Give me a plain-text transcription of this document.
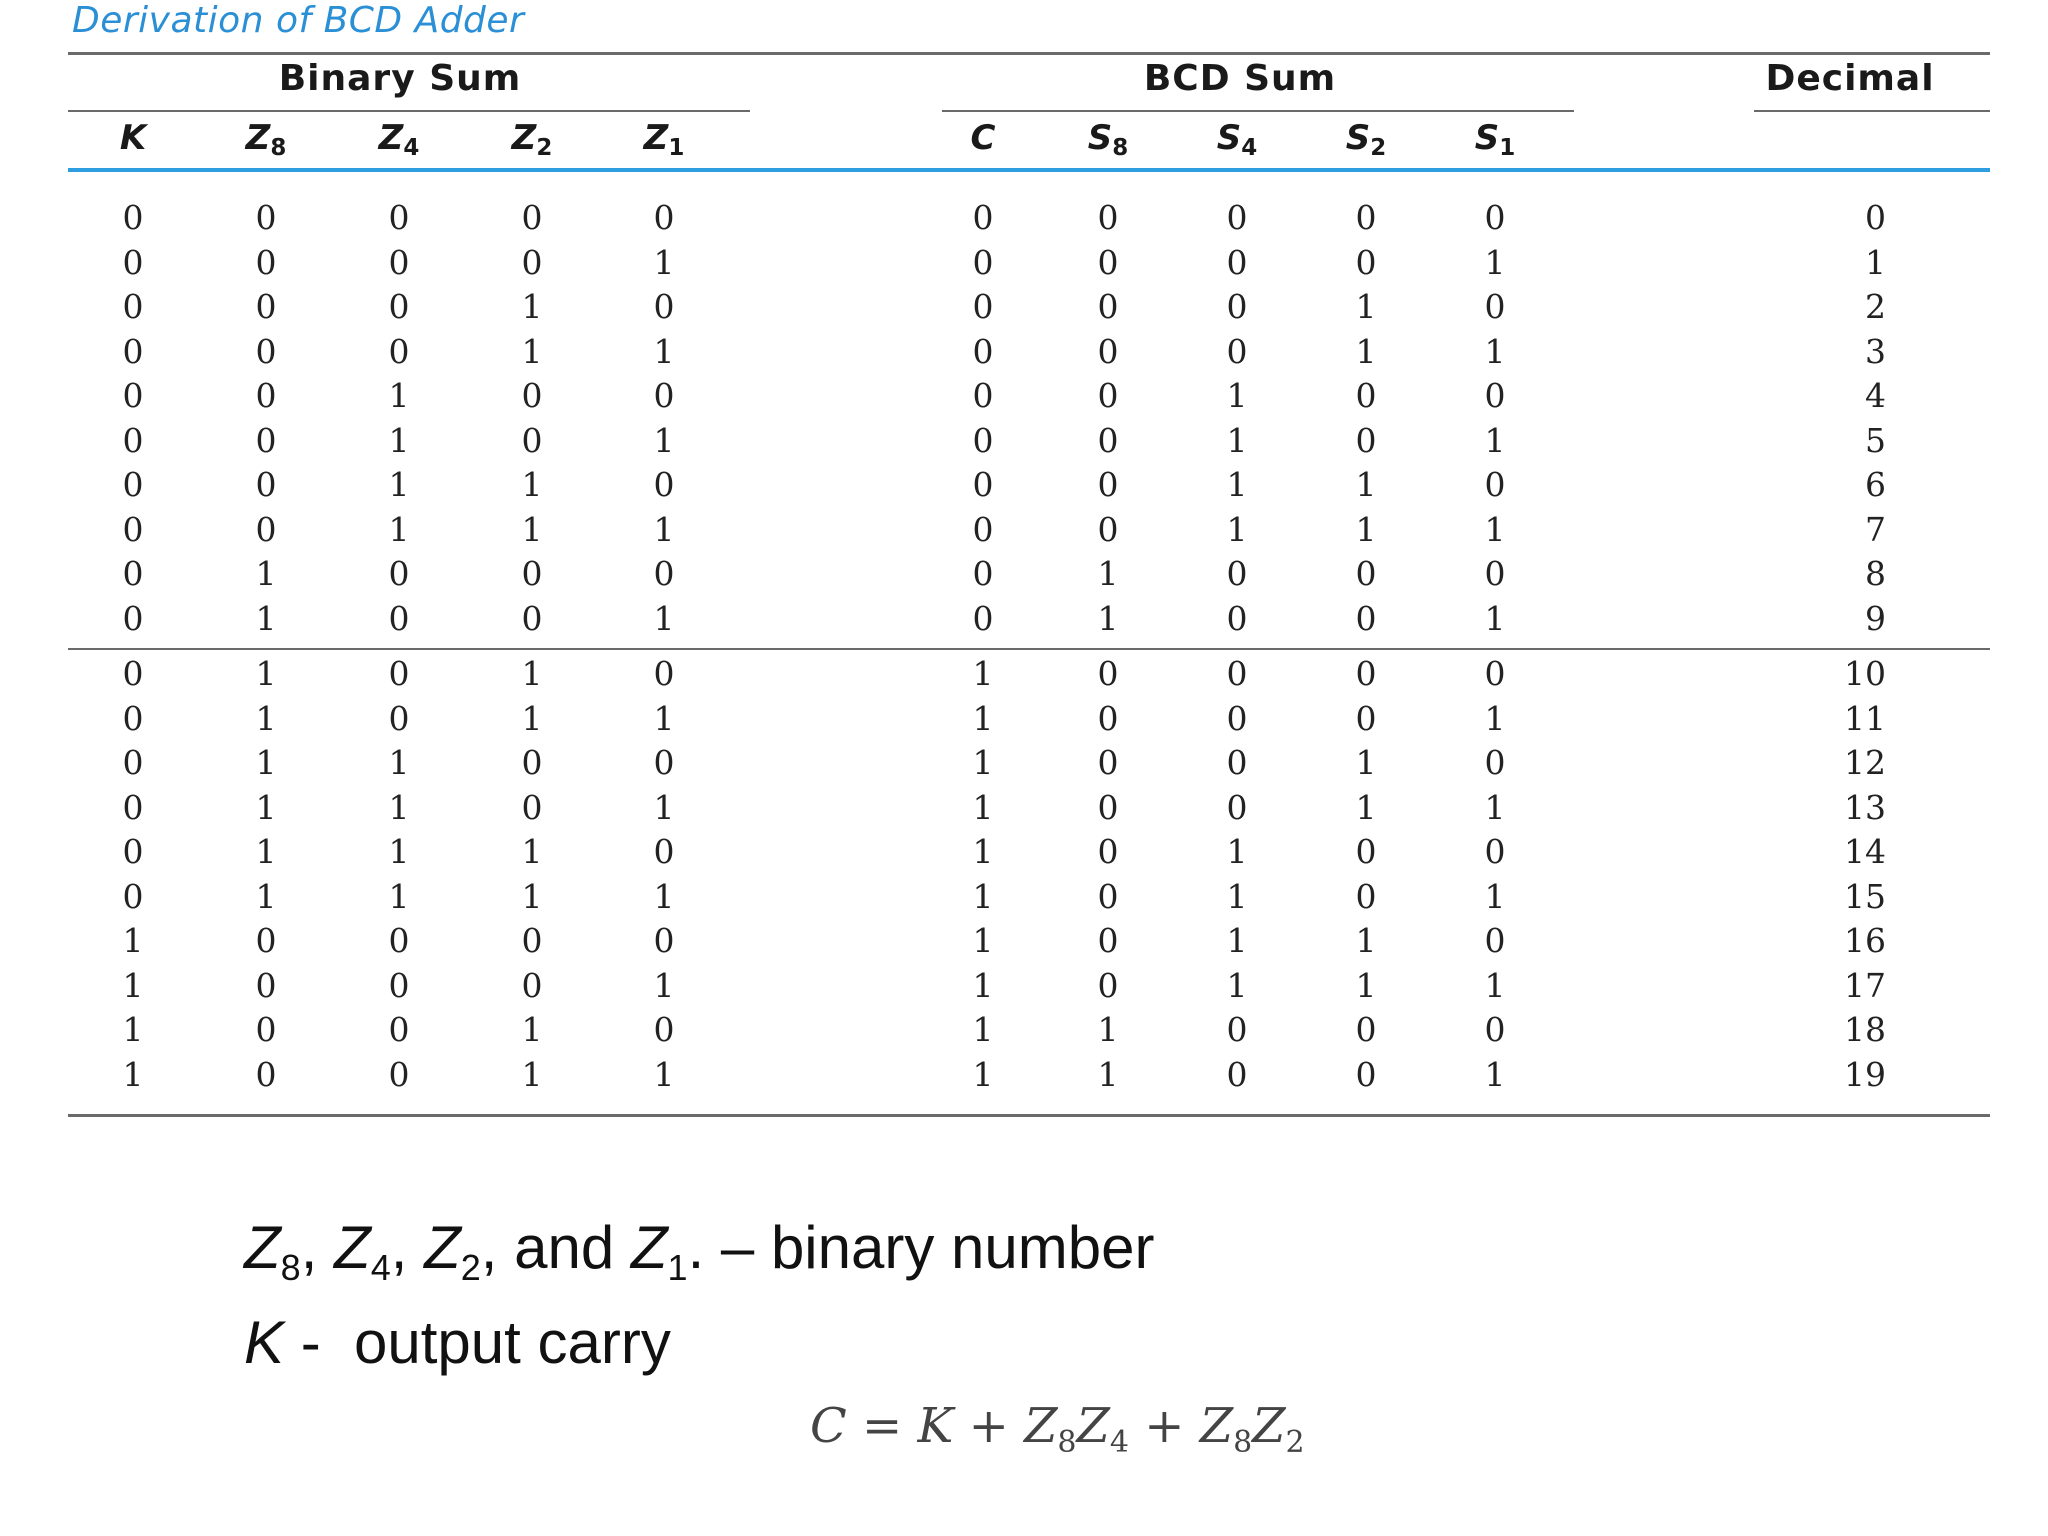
Derivation of BCD Adder
Binary Sum	BCD Sum	Decimal
K	$Z_8$	$Z_4$	$Z_2$	$Z_1$	C	$S_8$	$S_4$	$S_2$	$S_1$
0	0	0	0	0	0	0	0	0	0	0
0	0	0	0	1	0	0	0	0	1	1
0	0	0	1	0	0	0	0	1	0	2
0	0	0	1	1	0	0	0	1	1	3
0	0	1	0	0	0	0	1	0	0	4
0	0	1	0	1	0	0	1	0	1	5
0	0	1	1	0	0	0	1	1	0	6
0	0	1	1	1	0	0	1	1	1	7
0	1	0	0	0	0	1	0	0	0	8
0	1	0	0	1	0	1	0	0	1	9
0	1	0	1	0	1	0	0	0	0	10
0	1	0	1	1	1	0	0	0	1	11
0	1	1	0	0	1	0	0	1	0	12
0	1	1	0	1	1	0	0	1	1	13
0	1	1	1	0	1	0	1	0	0	14
0	1	1	1	1	1	0	1	0	1	15
1	0	0	0	0	1	0	1	1	0	16
1	0	0	0	1	1	0	1	1	1	17
1	0	0	1	0	1	1	0	0	0	18
1	0	0	1	1	1	1	0	0	1	19
$Z_8$, $Z_4$, $Z_2$, and $Z_1$. – binary number
K -  output carry
$C = K + Z_8Z_4 + Z_8Z_2$
